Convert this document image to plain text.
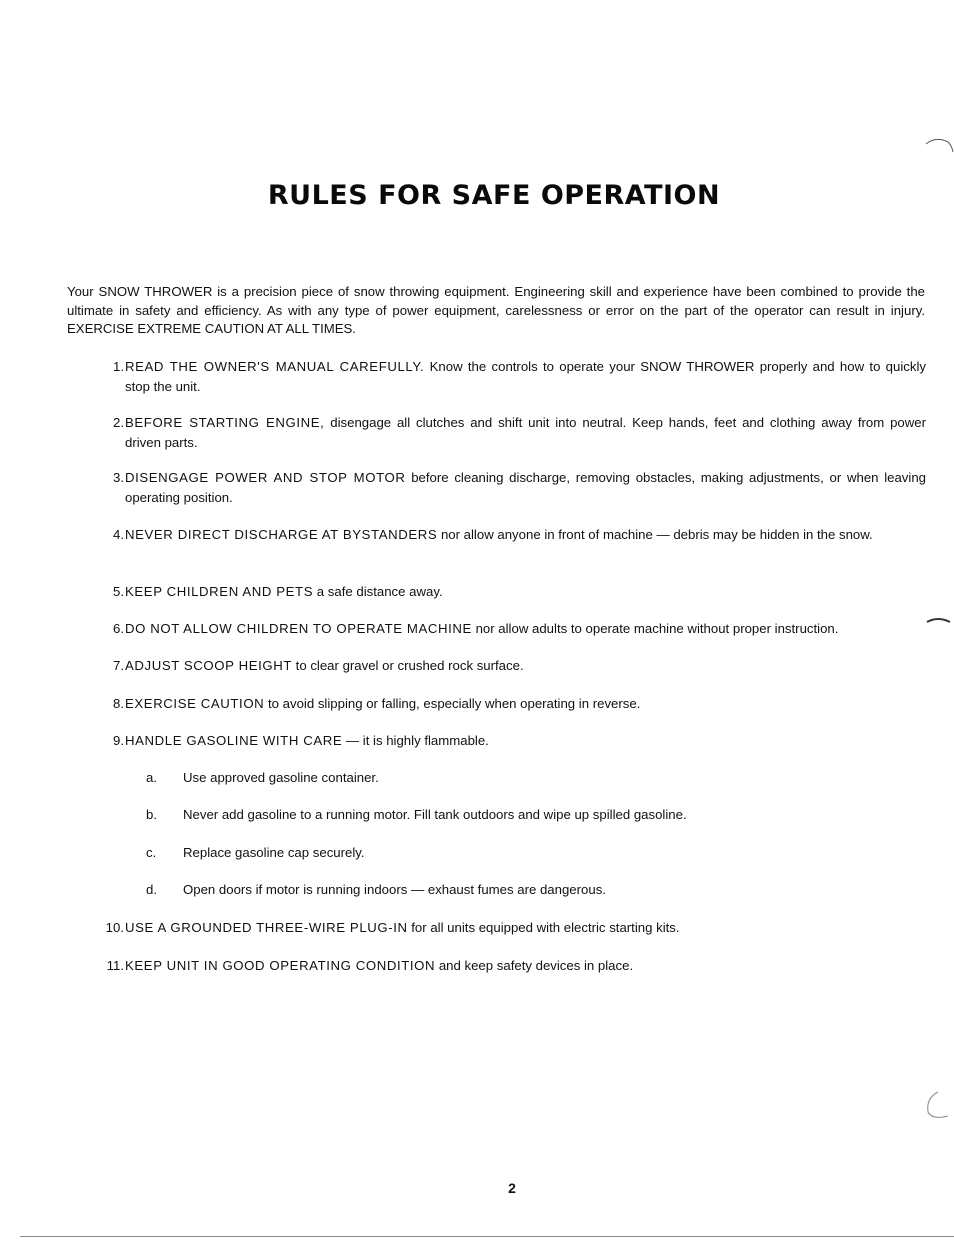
RULES FOR SAFE OPERATION

Your SNOW THROWER is a precision piece of snow throwing equipment. Engineering skill and experience have been combined to provide the ultimate in safety and efficiency. As with any type of power equipment, carelessness or error on the part of the operator can result in injury. EXERCISE EXTREME CAUTION AT ALL TIMES.

1. READ THE OWNER'S MANUAL CAREFULLY. Know the controls to operate your SNOW THROWER properly and how to quickly stop the unit.
2. BEFORE STARTING ENGINE, disengage all clutches and shift unit into neutral. Keep hands, feet and clothing away from power driven parts.
3. DISENGAGE POWER AND STOP MOTOR before cleaning discharge, removing obstacles, making adjustments, or when leaving operating position.
4. NEVER DIRECT DISCHARGE AT BYSTANDERS nor allow anyone in front of machine — debris may be hidden in the snow.
5. KEEP CHILDREN AND PETS a safe distance away.
6. DO NOT ALLOW CHILDREN TO OPERATE MACHINE nor allow adults to operate machine without proper instruction.
7. ADJUST SCOOP HEIGHT to clear gravel or crushed rock surface.
8. EXERCISE CAUTION to avoid slipping or falling, especially when operating in reverse.
9. HANDLE GASOLINE WITH CARE — it is highly flammable.
a. Use approved gasoline container.
b. Never add gasoline to a running motor. Fill tank outdoors and wipe up spilled gasoline.
c. Replace gasoline cap securely.
d. Open doors if motor is running indoors — exhaust fumes are dangerous.
10. USE A GROUNDED THREE-WIRE PLUG-IN for all units equipped with electric starting kits.
11. KEEP UNIT IN GOOD OPERATING CONDITION and keep safety devices in place.
2
